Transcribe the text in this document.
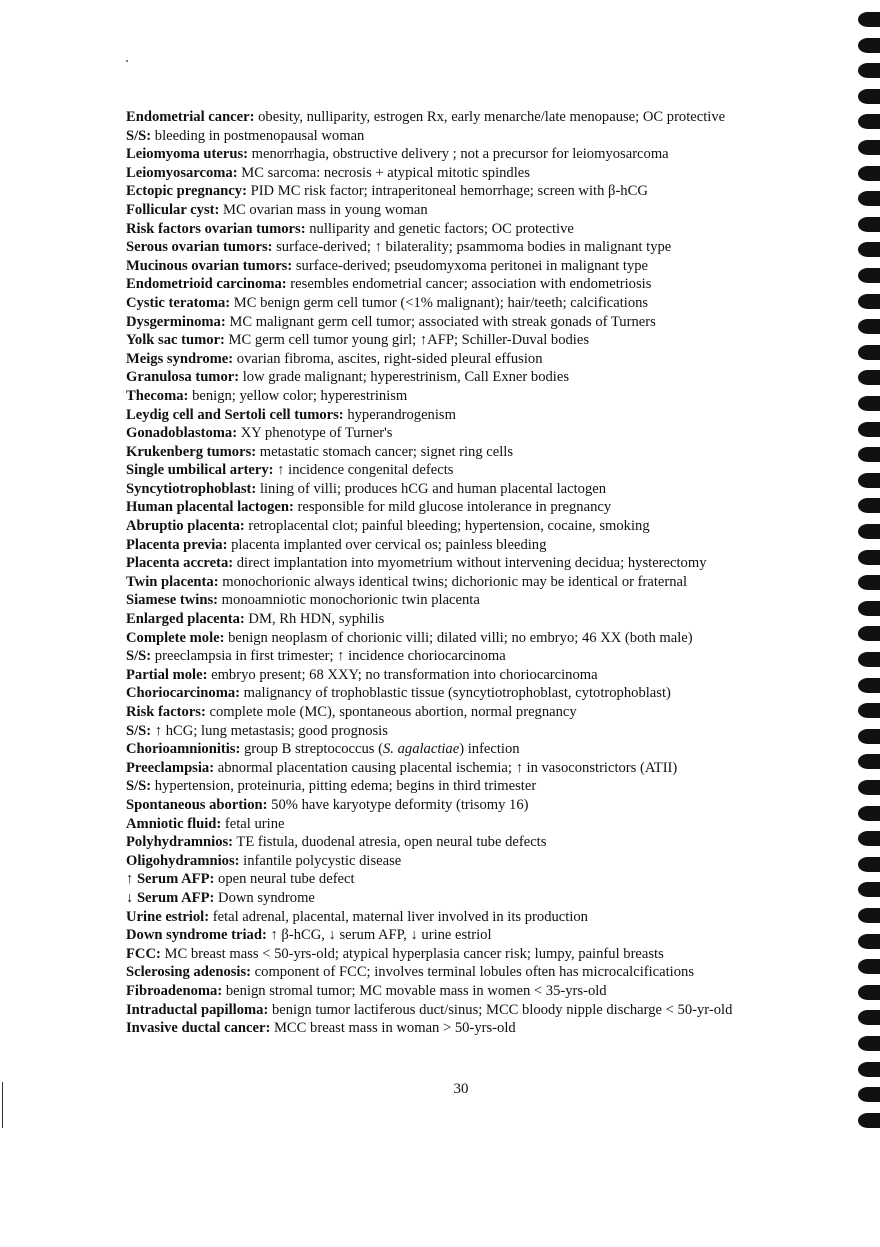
Endometrial cancer: obesity, nulliparity, estrogen Rx, early menarche/late menopause; OC protective
S/S: bleeding in postmenopausal woman
Leiomyoma uterus: menorrhagia, obstructive delivery ; not a precursor for leiomyosarcoma
Leiomyosarcoma: MC sarcoma: necrosis + atypical mitotic spindles
Ectopic pregnancy: PID MC risk factor; intraperitoneal hemorrhage; screen with β-hCG
Follicular cyst: MC ovarian mass in young woman
Risk factors ovarian tumors: nulliparity and genetic factors; OC protective
Serous ovarian tumors: surface-derived; ↑ bilaterality; psammoma bodies in malignant type
Mucinous ovarian tumors: surface-derived; pseudomyxoma peritonei in malignant type
Endometrioid carcinoma: resembles endometrial cancer; association with endometriosis
Cystic teratoma: MC benign germ cell tumor (<1% malignant); hair/teeth; calcifications
Dysgerminoma: MC malignant germ cell tumor; associated with streak gonads of Turners
Yolk sac tumor: MC germ cell tumor young girl; ↑AFP; Schiller-Duval bodies
Meigs syndrome: ovarian fibroma, ascites, right-sided pleural effusion
Granulosa tumor: low grade malignant; hyperestrinism, Call Exner bodies
Thecoma: benign; yellow color; hyperestrinism
Leydig cell and Sertoli cell tumors: hyperandrogenism
Gonadoblastoma: XY phenotype of Turner's
Krukenberg tumors: metastatic stomach cancer; signet ring cells
Single umbilical artery: ↑ incidence congenital defects
Syncytiotrophoblast: lining of villi; produces hCG and human placental lactogen
Human placental lactogen: responsible for mild glucose intolerance in pregnancy
Abruptio placenta: retroplacental clot; painful bleeding; hypertension, cocaine, smoking
Placenta previa: placenta implanted over cervical os; painless bleeding
Placenta accreta: direct implantation into myometrium without intervening decidua; hysterectomy
Twin placenta: monochorionic always identical twins; dichorionic may be identical or fraternal
Siamese twins: monoamniotic monochorionic twin placenta
Enlarged placenta: DM, Rh HDN, syphilis
Complete mole: benign neoplasm of chorionic villi; dilated villi; no embryo; 46 XX (both male)
S/S: preeclampsia in first trimester; ↑ incidence choriocarcinoma
Partial mole: embryo present; 68 XXY; no transformation into choriocarcinoma
Choriocarcinoma: malignancy of trophoblastic tissue (syncytiotrophoblast, cytotrophoblast)
Risk factors: complete mole (MC), spontaneous abortion, normal pregnancy
S/S: ↑ hCG; lung metastasis; good prognosis
Chorioamnionitis: group B streptococcus (S. agalactiae) infection
Preeclampsia: abnormal placentation causing placental ischemia; ↑ in vasoconstrictors (ATII)
S/S: hypertension, proteinuria, pitting edema; begins in third trimester
Spontaneous abortion: 50% have karyotype deformity (trisomy 16)
Amniotic fluid: fetal urine
Polyhydramnios: TE fistula, duodenal atresia, open neural tube defects
Oligohydramnios: infantile polycystic disease
↑ Serum AFP: open neural tube defect
↓ Serum AFP: Down syndrome
Urine estriol: fetal adrenal, placental, maternal liver involved in its production
Down syndrome triad: ↑ β-hCG, ↓ serum AFP, ↓ urine estriol
FCC: MC breast mass < 50-yrs-old; atypical hyperplasia cancer risk; lumpy, painful breasts
Sclerosing adenosis: component of FCC; involves terminal lobules often has microcalcifications
Fibroadenoma: benign stromal tumor; MC movable mass in women < 35-yrs-old
Intraductal papilloma: benign tumor lactiferous duct/sinus; MCC bloody nipple discharge < 50-yr-old
Invasive ductal cancer: MCC breast mass in woman > 50-yrs-old
30
